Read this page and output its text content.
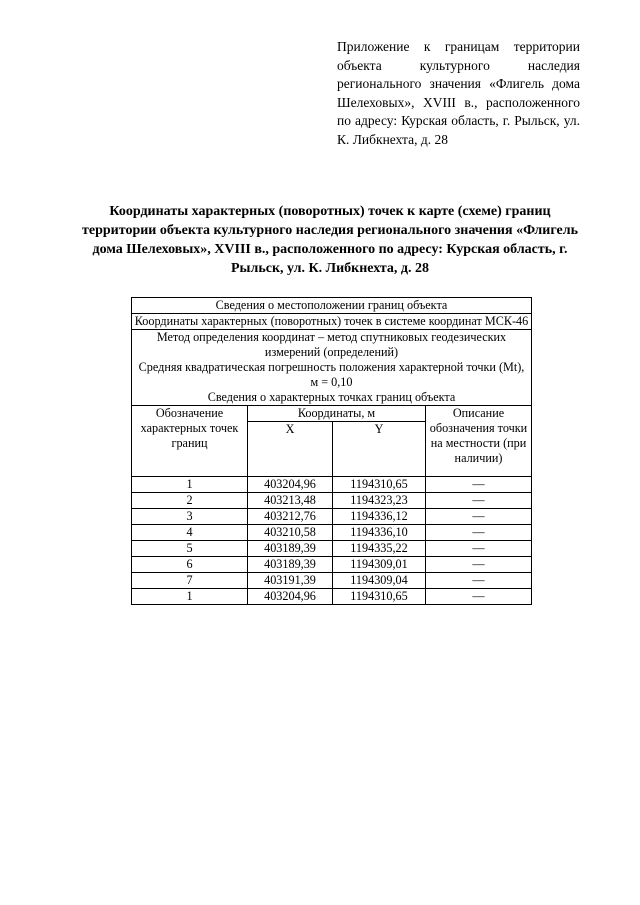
Приложение к границам территории объекта культурного наследия регионального значения «Флигель дома Шелеховых», XVIII в., расположенного по адресу: Курская область, г. Рыльск, ул. К. Либкнехта, д. 28
Координаты характерных (поворотных) точек к карте (схеме) границ территории объекта культурного наследия регионального значения «Флигель дома Шелеховых», XVIII в., расположенного по адресу: Курская область, г. Рыльск, ул. К. Либкнехта, д. 28
Сведения о местоположении границ объекта			
Координаты характерных (поворотных) точек в системе координат МСК-46			

Метод определения координат – метод спутниковых геодезических измерений (определений)
Средняя квадратическая погрешность положения характерной точки (Mt), м = 0,10
Сведения о характерных точках границ объекта			

Обозначение характерных точек границ	Координаты, м		Описание обозначения точки на местности (при наличии)
	X	Y	
1	403204,96	1194310,65	—
2	403213,48	1194323,23	—
3	403212,76	1194336,12	—
4	403210,58	1194336,10	—
5	403189,39	1194335,22	—
6	403189,39	1194309,01	—
7	403191,39	1194309,04	—
1	403204,96	1194310,65	—
